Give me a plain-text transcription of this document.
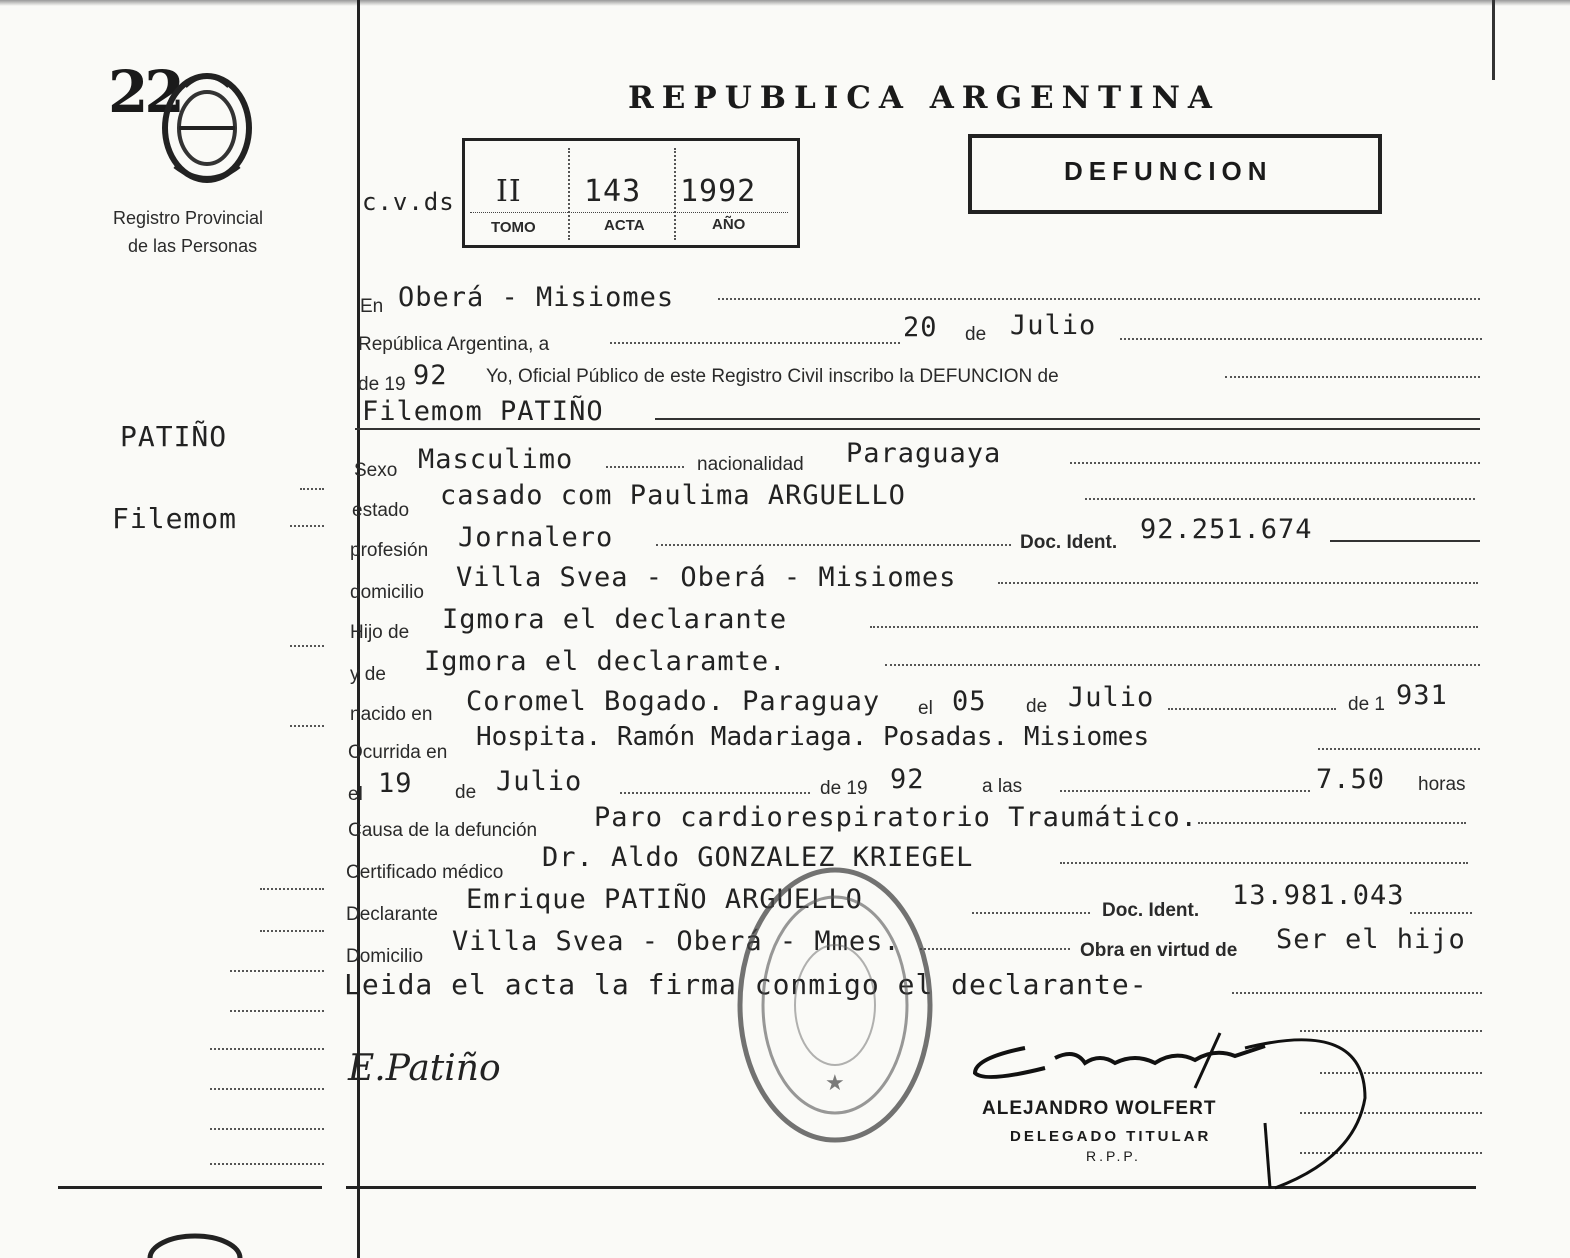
22
Registro Provincial
de las Personas
REPUBLICA ARGENTINA
DEFUNCION
c.v.ds II 143 1992
TOMO	ACTA	AÑO
PATIÑO
Filemom
En Oberá - Misiomes
República Argentina, a
20 de Julio
de 19 92 Yo, Oficial Público de este Registro Civil inscribo la DEFUNCION de
Filemom PATIÑO
Sexo Masculimo	nacionalidad Paraguaya
estado casado com Paulima ARGUELLO
profesión Jornalero	Doc. Ident. 92.251.674
domicilio Villa Svea - Oberá - Misiomes
Hijo de Igmora el declarante
y de Igmora el declaramte.
nacido en Coromel Bogado. Paraguay el 05 de Julio	de 1 931
Ocurrida en
Hospita. Ramón Madariaga. Posadas. Misiomes
el 19 de Julio	de 19 92	a las	7.50 horas
Causa de la defunción Paro cardiorespiratorio Traumático.
Certificado médico Dr. Aldo GONZALEZ KRIEGEL
Declarante Emrique PATIÑO ARGUELLO	Doc. Ident. 13.981.043
Domicilio Villa Svea - Oberá - Mmes.	Obra en virtud de Ser el hijo
Leida el acta la firma conmigo el declarante-
★
E.Patiño
ALEJANDRO WOLFERT
DELEGADO TITULAR
R.P.P.
